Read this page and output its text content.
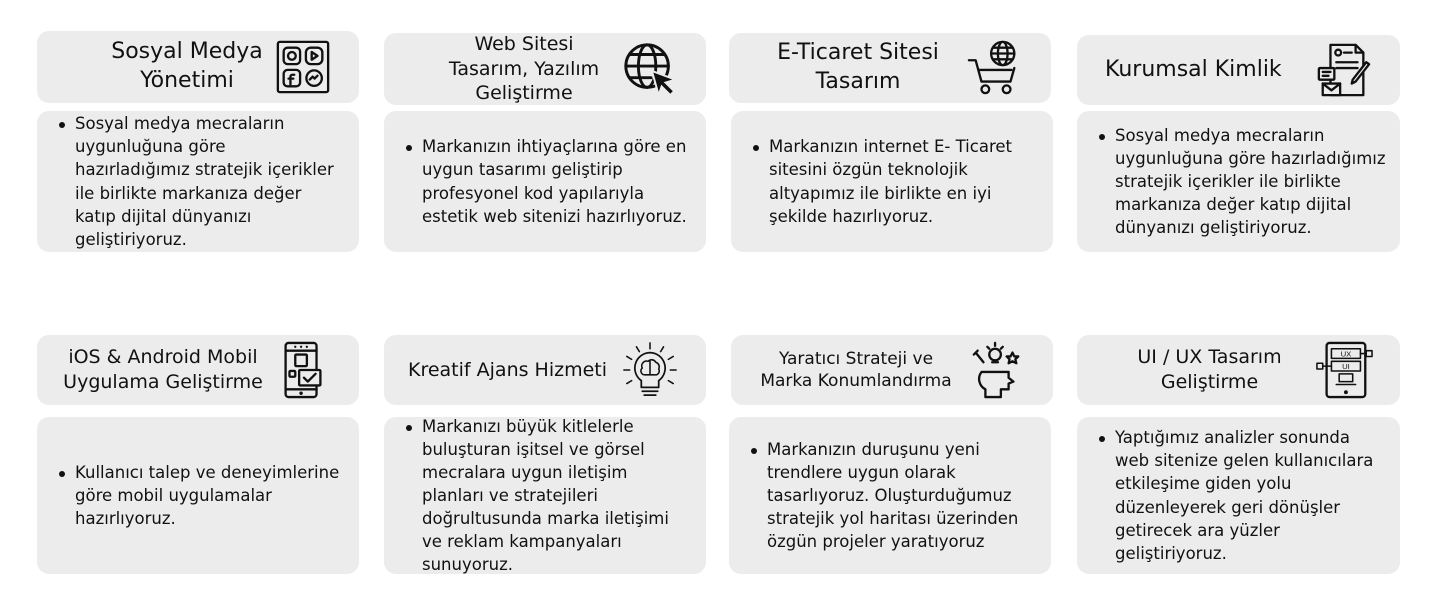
Sosyal Medya Yönetimi
Sosyal medya mecraların uygunluğuna göre hazırladığımız stratejik içerikler ile birlikte markanıza değer katıp dijital dünyanızı geliştiriyoruz.
Web Sitesi Tasarım, Yazılım Geliştirme
Markanızın ihtiyaçlarına göre en uygun tasarımı geliştirip profesyonel kod yapılarıyla estetik web sitenizi hazırlıyoruz.
E-Ticaret Sitesi Tasarım
Markanızın internet E- Ticaret sitesini özgün teknolojik altyapımız ile birlikte en iyi şekilde hazırlıyoruz.
Kurumsal Kimlik
Sosyal medya mecraların uygunluğuna göre hazırladığımız stratejik içerikler ile birlikte markanıza değer katıp dijital dünyanızı geliştiriyoruz.
iOS & Android Mobil Uygulama Geliştirme
Kullanıcı talep ve deneyimlerine göre mobil uygulamalar hazırlıyoruz.
Kreatif Ajans Hizmeti
Markanızı büyük kitlelerle buluşturan işitsel ve görsel mecralara uygun iletişim planları ve stratejileri doğrultusunda marka iletişimi ve reklam kampanyaları sunuyoruz.
Yaratıcı Strateji ve Marka Konumlandırma
Markanızın duruşunu yeni trendlere uygun olarak tasarlıyoruz. Oluşturduğumuz stratejik yol haritası üzerinden özgün projeler yaratıyoruz
UI / UX Tasarım Geliştirme
UX
UI
Yaptığımız analizler sonunda web sitenize gelen kullanıcılara etkileşime giden yolu düzenleyerek geri dönüşler getirecek ara yüzler geliştiriyoruz.
